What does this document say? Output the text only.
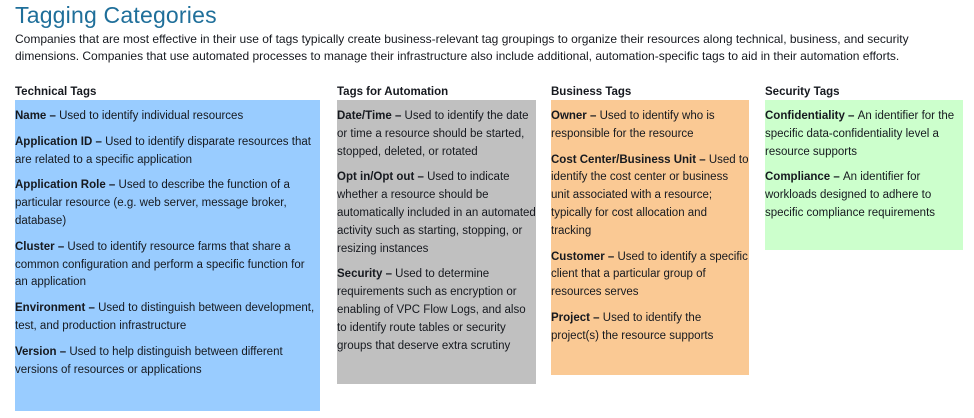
Tagging Categories
Companies that are most effective in their use of tags typically create business-relevant tag groupings to organize their resources along technical, business, and security dimensions. Companies that use automated processes to manage their infrastructure also include additional, automation-specific tags to aid in their automation efforts.
Technical Tags	Tags for Automation	Business Tags	Security Tags
Name – Used to identify individual resources
Application ID – Used to identify disparate resources that are related to a specific application
Application Role – Used to describe the function of a particular resource (e.g. web server, message broker, database)
Cluster – Used to identify resource farms that share a common configuration and perform a specific function for an application
Environment – Used to distinguish between development, test, and production infrastructure
Version – Used to help distinguish between different versions of resources or applications
Date/Time – Used to identify the date or time a resource should be started, stopped, deleted, or rotated
Opt in/Opt out – Used to indicate whether a resource should be automatically included in an automated activity such as starting, stopping, or resizing instances
Security – Used to determine requirements such as encryption or enabling of VPC Flow Logs, and also to identify route tables or security groups that deserve extra scrutiny
Owner – Used to identify who is responsible for the resource
Cost Center/Business Unit – Used to identify the cost center or business unit associated with a resource; typically for cost allocation and tracking
Customer – Used to identify a specific client that a particular group of resources serves
Project – Used to identify the project(s) the resource supports
Confidentiality – An identifier for the specific data-confidentiality level a resource supports
Compliance – An identifier for workloads designed to adhere to specific compliance requirements
